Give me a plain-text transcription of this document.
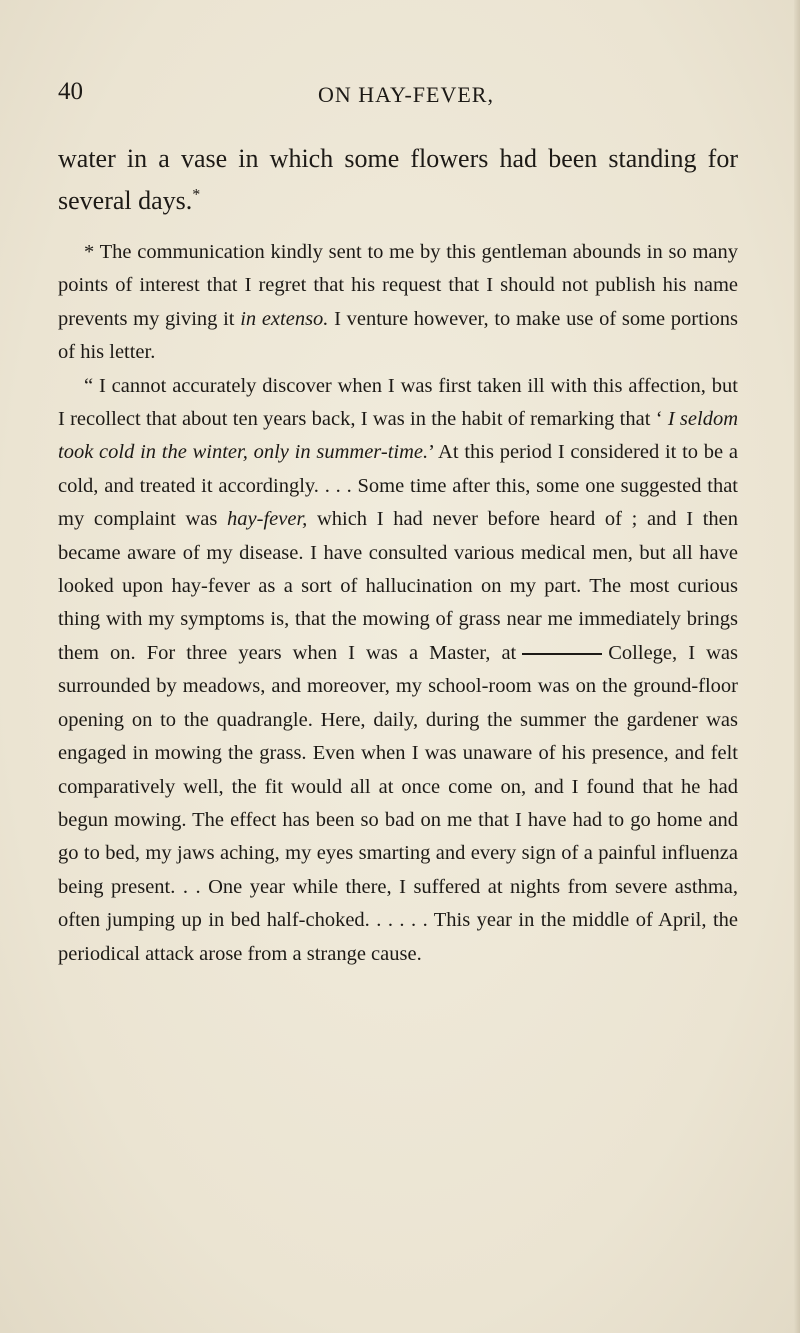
40	ON HAY-FEVER,

water in a vase in which some flowers had been standing for several days.*

* The communication kindly sent to me by this gentleman abounds in so many points of interest that I regret that his request that I should not publish his name prevents my giving it in extenso. I venture however, to make use of some portions of his letter.

“ I cannot accurately discover when I was first taken ill with this affection, but I recollect that about ten years back, I was in the habit of remarking that ‘ I seldom took cold in the winter, only in summer-time.’ At this period I considered it to be a cold, and treated it accordingly. . . . Some time after this, some one suggested that my complaint was hay-fever, which I had never before heard of ; and I then became aware of my disease. I have consulted various medical men, but all have looked upon hay-fever as a sort of hallucination on my part. The most curious thing with my symptoms is, that the mowing of grass near me immediately brings them on. For three years when I was a Master, at	College, I was surrounded by meadows, and moreover, my school-room was on the ground-floor opening on to the quadrangle. Here, daily, during the summer the gardener was engaged in mowing the grass. Even when I was unaware of his presence, and felt comparatively well, the fit would all at once come on, and I found that he had begun mowing. The effect has been so bad on me that I have had to go home and go to bed, my jaws aching, my eyes smarting and every sign of a painful influenza being present. . . One year while there, I suffered at nights from severe asthma, often jumping up in bed half-choked. . . . . . This year in the middle of April, the periodical attack arose from a strange cause.
